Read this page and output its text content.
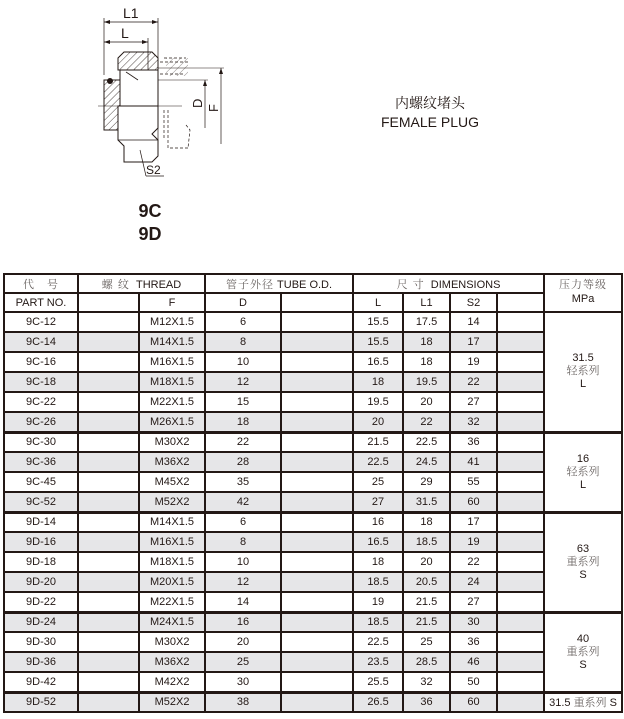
L1
L
D
F
S2
9C
9D
内螺纹堵头
FEMALE PLUG
代　号	螺 纹 THREAD		管子外径 TUBE O.D.		尺 寸 DIMENSIONS				压力等级
MPa

PART NO.		F	D		L	L1	S2		
9C-12		M12X1.5	6		15.5	17.5	14		31.5
轻系列
L

9C-14		M14X1.5	8		15.5	18	17		
9C-16		M16X1.5	10		16.5	18	19		
9C-18		M18X1.5	12		18	19.5	22		
9C-22		M22X1.5	15		19.5	20	27		
9C-26		M26X1.5	18		20	22	32		
9C-30		M30X2	22		21.5	22.5	36		16
轻系列
L

9C-36		M36X2	28		22.5	24.5	41		
9C-45		M45X2	35		25	29	55		
9C-52		M52X2	42		27	31.5	60		
9D-14		M14X1.5	6		16	18	17		63
重系列
S

9D-16		M16X1.5	8		16.5	18.5	19		
9D-18		M18X1.5	10		18	20	22		
9D-20		M20X1.5	12		18.5	20.5	24		
9D-22		M22X1.5	14		19	21.5	27		
9D-24		M24X1.5	16		18.5	21.5	30		40
重系列
S

9D-30		M30X2	20		22.5	25	36		
9D-36		M36X2	25		23.5	28.5	46		
9D-42		M42X2	30		25.5	32	50		
9D-52		M52X2	38		26.5	36	60		31.5 重系列 S
